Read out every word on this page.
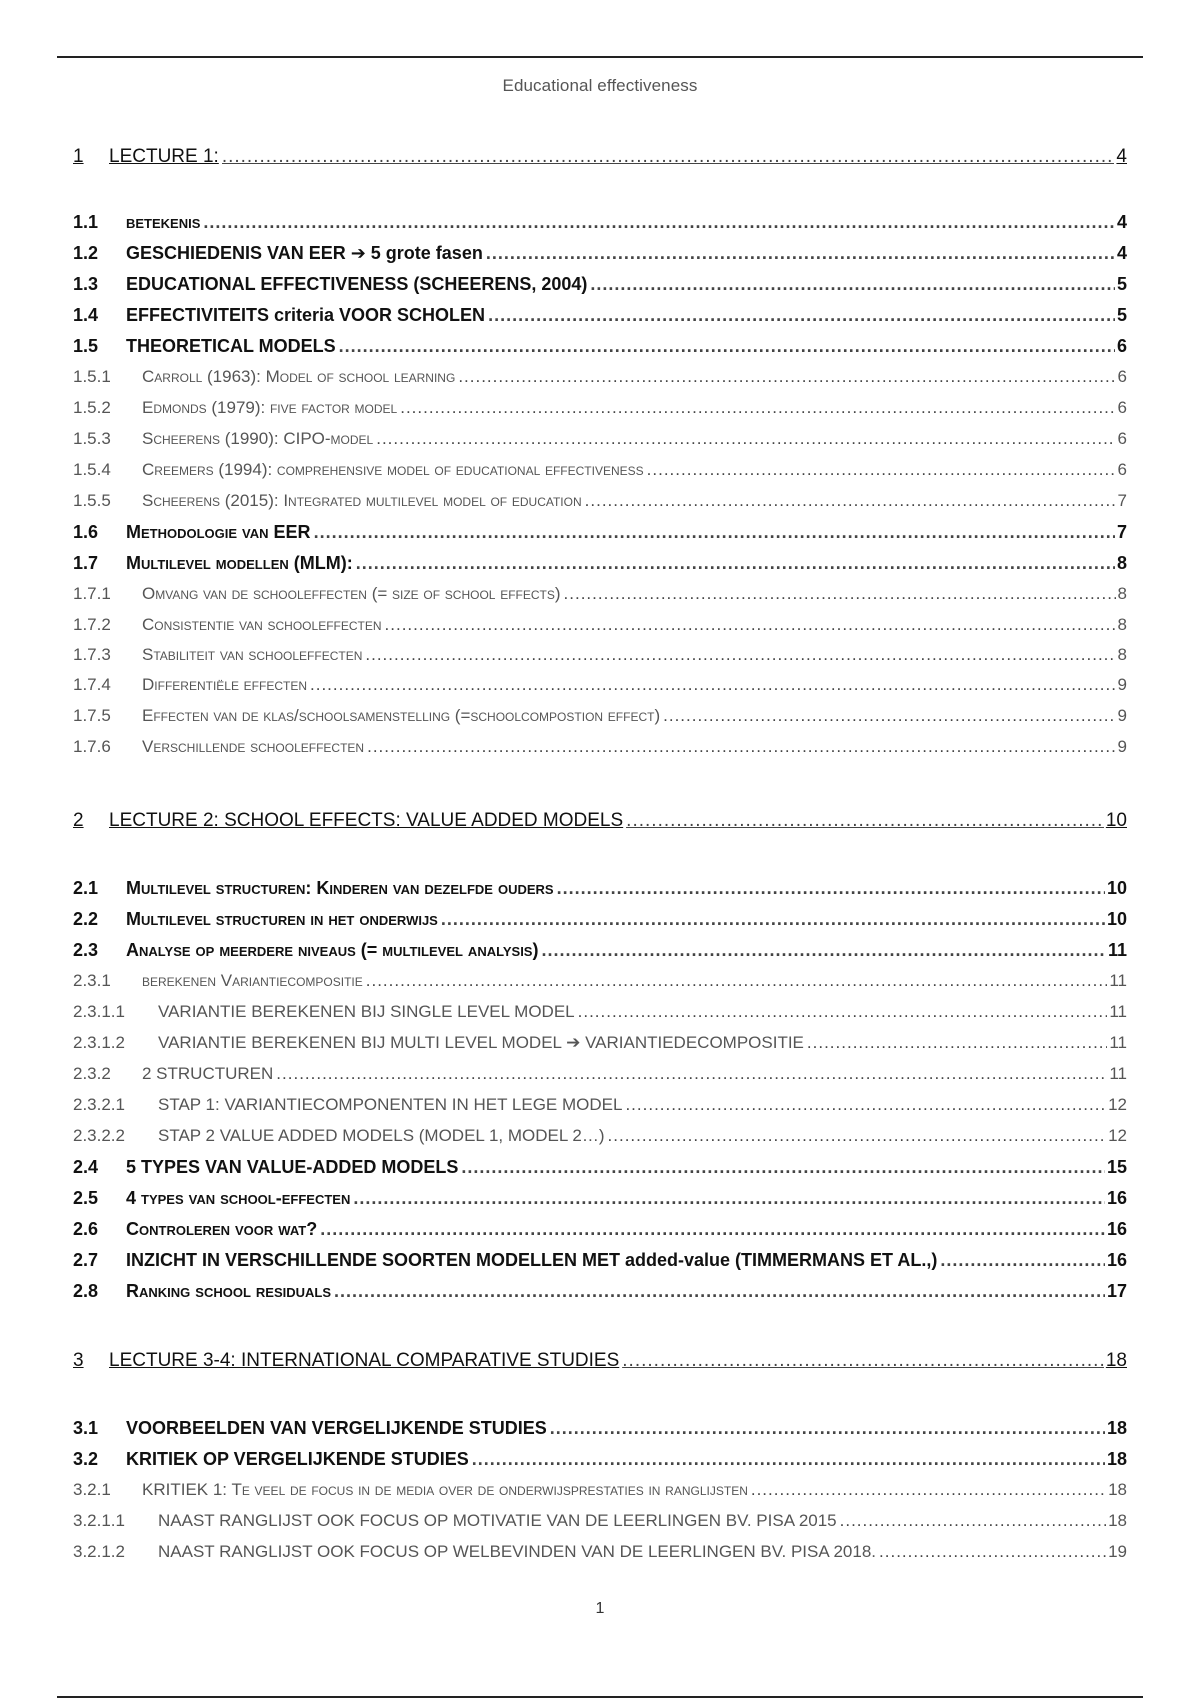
Educational effectiveness
1	LECTURE 1: .....	4
1.1	betekenis .....	4
1.2	GESCHIEDENIS VAN EER ➔ 5 grote fasen .....	4
1.3	EDUCATIONAL EFFECTIVENESS (SCHEERENS, 2004) .....	5
1.4	EFFECTIVITEITS criteria VOOR SCHOLEN .....	5
1.5	THEORETICAL MODELS .....	6
1.5.1	Carroll (1963): Model of school learning .....	6
1.5.2	Edmonds (1979): five factor model .....	6
1.5.3	Scheerens (1990): CIPO-model .....	6
1.5.4	Creemers (1994): comprehensive model of educational effectiveness .....	6
1.5.5	Scheerens (2015): Integrated multilevel model of education .....	7
1.6	Methodologie van EER .....	7
1.7	Multilevel modellen (MLM): .....	8
1.7.1	Omvang van de schooleffecten (= size of school effects) .....	8
1.7.2	Consistentie van schooleffecten .....	8
1.7.3	Stabiliteit van schooleffecten .....	8
1.7.4	Differentiële effecten .....	9
1.7.5	Effecten van de klas/schoolsamenstelling (=schoolcompostion effect) .....	9
1.7.6	Verschillende schooleffecten .....	9
2	LECTURE 2: SCHOOL EFFECTS: VALUE ADDED MODELS .....	10
2.1	Multilevel structuren: Kinderen van dezelfde ouders .....	10
2.2	Multilevel structuren in het onderwijs .....	10
2.3	Analyse op meerdere niveaus (= multilevel analysis) .....	11
2.3.1	berekenen Variantiecompositie .....	11
2.3.1.1	VARIANTIE BEREKENEN BIJ SINGLE LEVEL MODEL .....	11
2.3.1.2	VARIANTIE BEREKENEN BIJ MULTI LEVEL MODEL ➔ VARIANTIEDECOMPOSITIE .....	11
2.3.2	2 STRUCTUREN .....	11
2.3.2.1	STAP 1: VARIANTIECOMPONENTEN IN HET LEGE MODEL .....	12
2.3.2.2	STAP 2 VALUE ADDED MODELS (MODEL 1, MODEL 2…) .....	12
2.4	5 TYPES VAN VALUE-ADDED MODELS .....	15
2.5	4 types van school-effecten .....	16
2.6	Controleren voor wat? .....	16
2.7	INZICHT IN VERSCHILLENDE SOORTEN MODELLEN MET added-value (TIMMERMANS ET AL.,) .....	16
2.8	Ranking school residuals .....	17
3	LECTURE 3-4: INTERNATIONAL COMPARATIVE STUDIES .....	18
3.1	VOORBEELDEN VAN VERGELIJKENDE STUDIES .....	18
3.2	KRITIEK OP VERGELIJKENDE STUDIES .....	18
3.2.1	KRITIEK 1: Te veel de focus in de media over de onderwijsprestaties in ranglijsten .....	18
3.2.1.1	NAAST RANGLIJST OOK FOCUS OP MOTIVATIE VAN DE LEERLINGEN BV. PISA 2015 .....	18
3.2.1.2	NAAST RANGLIJST OOK FOCUS OP WELBEVINDEN VAN DE LEERLINGEN BV. PISA 2018. .....	19
1
